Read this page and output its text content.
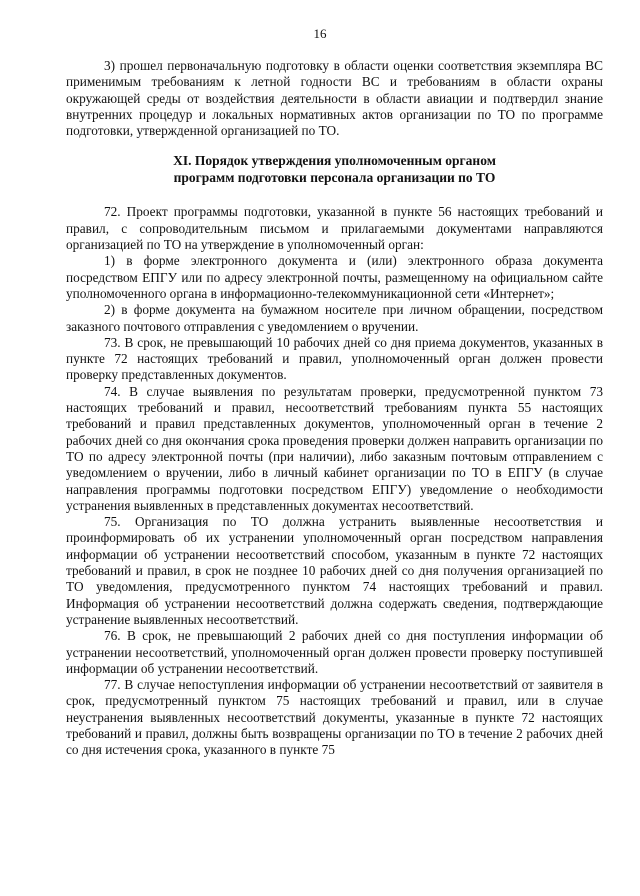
16

3) прошел первоначальную подготовку в области оценки соответствия экземпляра ВС применимым требованиям к летной годности ВС и требованиям в области охраны окружающей среды от воздействия деятельности в области авиации и подтвердил знание внутренних процедур и локальных нормативных актов организации по ТО по программе подготовки, утвержденной организацией по ТО.

XI. Порядок утверждения уполномоченным органом
программ подготовки персонала организации по ТО

72. Проект программы подготовки, указанной в пункте 56 настоящих требований и правил, с сопроводительным письмом и прилагаемыми документами направляются организацией по ТО на утверждение в уполномоченный орган:

1) в форме электронного документа и (или) электронного образа документа посредством ЕПГУ или по адресу электронной почты, размещенному на официальном сайте уполномоченного органа в информационно-телекоммуникационной сети «Интернет»;

2) в форме документа на бумажном носителе при личном обращении, посредством заказного почтового отправления с уведомлением о вручении.

73. В срок, не превышающий 10 рабочих дней со дня приема документов, указанных в пункте 72 настоящих требований и правил, уполномоченный орган должен провести проверку представленных документов.

74. В случае выявления по результатам проверки, предусмотренной пунктом 73 настоящих требований и правил, несоответствий требованиям пункта 55 настоящих требований и правил представленных документов, уполномоченный орган в течение 2 рабочих дней со дня окончания срока проведения проверки должен направить организации по ТО по адресу электронной почты (при наличии), либо заказным почтовым отправлением с уведомлением о вручении, либо в личный кабинет организации по ТО в ЕПГУ (в случае направления программы подготовки посредством ЕПГУ) уведомление о необходимости устранения выявленных в представленных документах несоответствий.

75. Организация по ТО должна устранить выявленные несоответствия и проинформировать об их устранении уполномоченный орган посредством направления информации об устранении несоответствий способом, указанным в пункте 72 настоящих требований и правил, в срок не позднее 10 рабочих дней со дня получения организацией по ТО уведомления, предусмотренного пунктом 74 настоящих требований и правил. Информация об устранении несоответствий должна содержать сведения, подтверждающие устранение выявленных несоответствий.

76. В срок, не превышающий 2 рабочих дней со дня поступления информации об устранении несоответствий, уполномоченный орган должен провести проверку поступившей информации об устранении несоответствий.

77. В случае непоступления информации об устранении несоответствий от заявителя в срок, предусмотренный пунктом 75 настоящих требований и правил, или в случае неустранения выявленных несоответствий документы, указанные в пункте 72 настоящих требований и правил, должны быть возвращены организации по ТО в течение 2 рабочих дней со дня истечения срока, указанного в пункте 75
